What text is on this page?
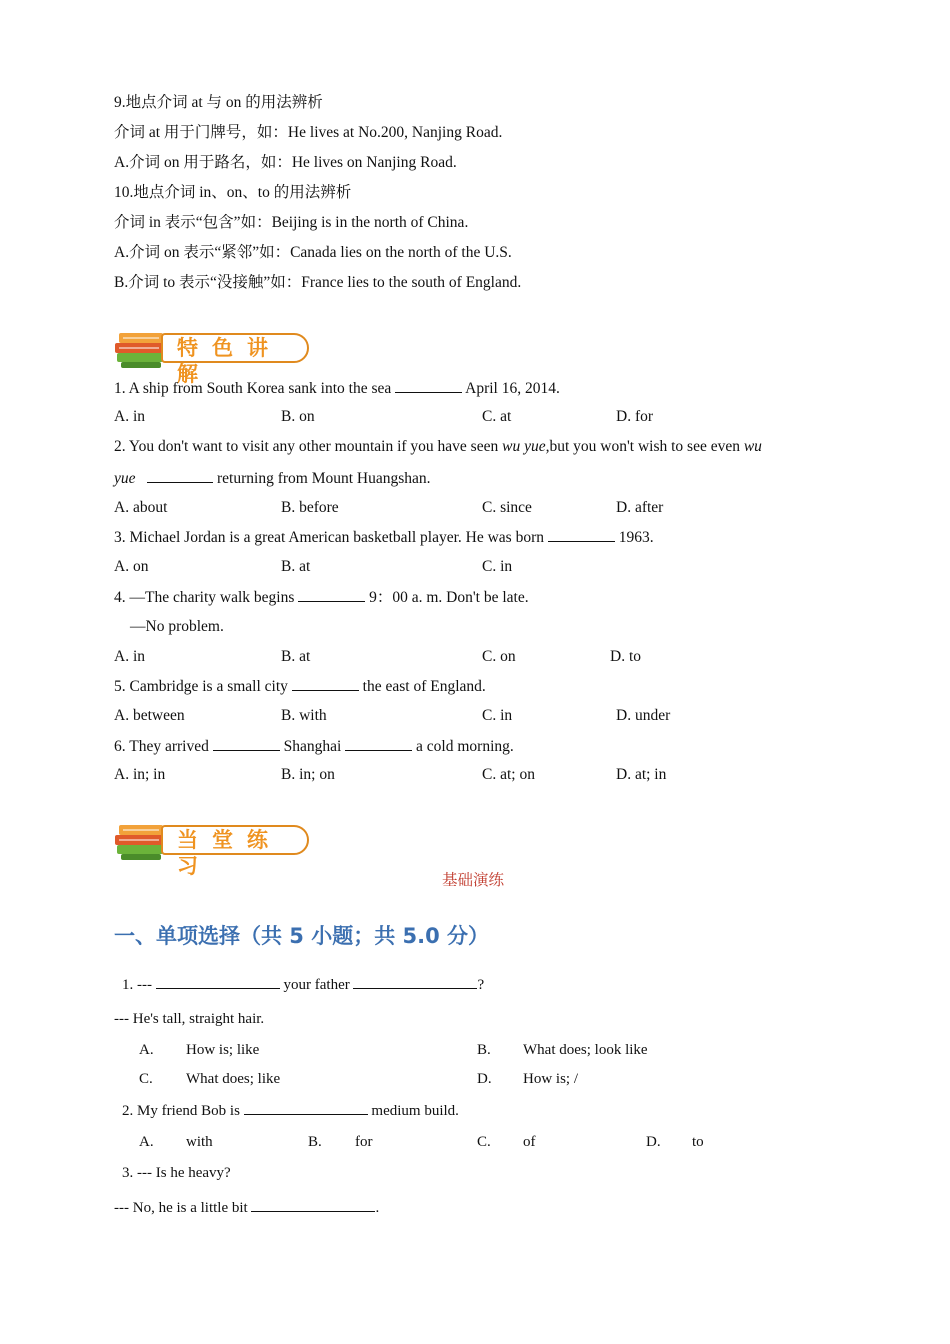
9.地点介词 at 与 on 的用法辨析
介词 at 用于门牌号，如：He lives at No.200, Nanjing Road.
A.介词 on 用于路名，如：He lives on Nanjing Road.
10.地点介词 in、on、to 的用法辨析
介词 in 表示“包含”如：Beijing is in the north of China.
A.介词 on 表示“紧邻”如：Canada lies on the north of the U.S.
B.介词 to 表示“没接触”如：France lies to the south of England.
特色讲解
1. A ship from South Korea sank into the sea	April 16, 2014.
A. in	B. on	C. at	D. for
2. You don't want to visit any other mountain if you have seen wu yue,but you won't wish to see even wu
yue	returning from Mount Huangshan.
A. about	B. before	C. since	D. after
3. Michael Jordan is a great American basketball player. He was born	1963.
A. on	B. at	C. in
4. —The charity walk begins	9：00 a. m. Don't be late.
—No problem.
A. in	B. at	C. on	D. to
5. Cambridge is a small city	the east of England.
A. between	B. with	C. in	D. under
6. They arrived	Shanghai	a cold morning.
A. in; in	B. in; on	C. at; on	D. at; in
当堂练习
基础演练
一、单项选择（共 5 小题；共 5.0 分）
1. ---	your father	?
--- He's tall, straight hair.
A. How is; like	B. What does; look like
C. What does; like	D. How is; /
2. My friend Bob is	medium build.
A. with	B. for	C. of	D. to
3. --- Is he heavy?
--- No, he is a little bit	.
